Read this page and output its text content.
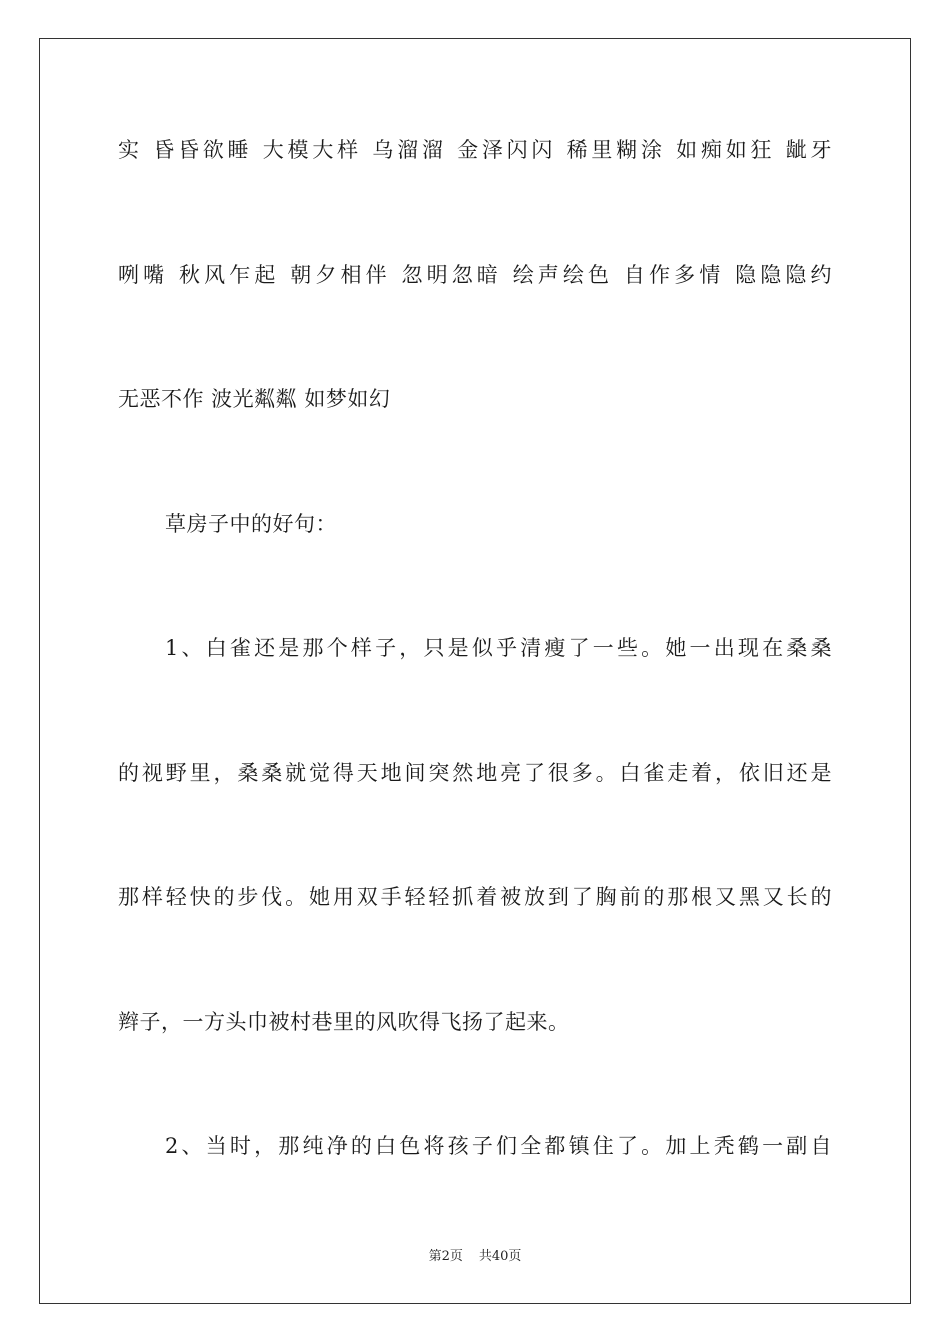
实 昏昏欲睡 大模大样 乌溜溜 金泽闪闪 稀里糊涂 如痴如狂 龇牙
咧嘴 秋风乍起 朝夕相伴 忽明忽暗 绘声绘色 自作多情 隐隐隐约
无恶不作 波光粼粼 如梦如幻
草房子中的好句：
1、白雀还是那个样子，只是似乎清瘦了一些。她一出现在桑桑
的视野里，桑桑就觉得天地间突然地亮了很多。白雀走着，依旧还是
那样轻快的步伐。她用双手轻轻抓着被放到了胸前的那根又黑又长的
辫子，一方头巾被村巷里的风吹得飞扬了起来。
2、当时，那纯净的白色将孩子们全都镇住了。加上秃鹤一副自
第2页 共40页
